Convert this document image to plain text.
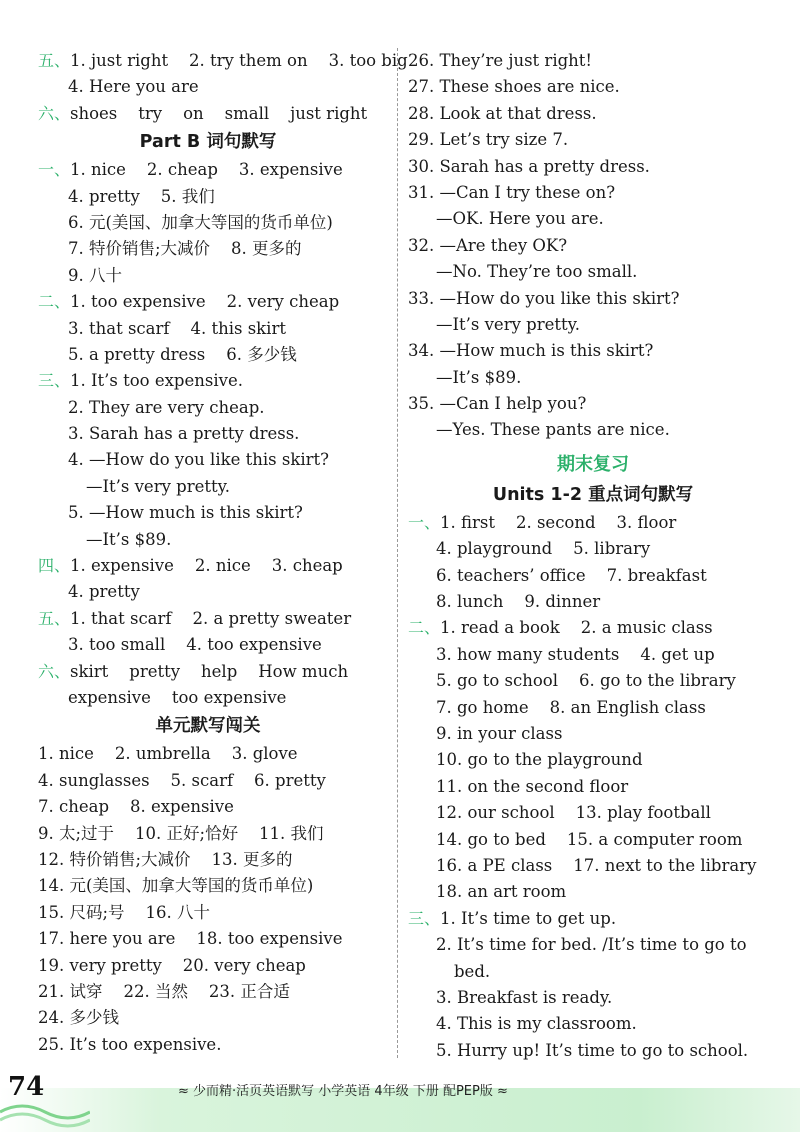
五、1. just right    2. try them on    3. too big
4. Here you are
六、shoes    try    on    small    just right
Part B 词句默写
一、1. nice    2. cheap    3. expensive
4. pretty    5. 我们
6. 元(美国、加拿大等国的货币单位)
7. 特价销售;大减价    8. 更多的
9. 八十
二、1. too expensive    2. very cheap
3. that scarf    4. this skirt
5. a pretty dress    6. 多少钱
三、1. It’s too expensive.
2. They are very cheap.
3. Sarah has a pretty dress.
4. —How do you like this skirt?
—It’s very pretty.
5. —How much is this skirt?
—It’s $89.
四、1. expensive    2. nice    3. cheap
4. pretty
五、1. that scarf    2. a pretty sweater
3. too small    4. too expensive
六、skirt    pretty    help    How much
expensive    too expensive
单元默写闯关
1. nice    2. umbrella    3. glove
4. sunglasses    5. scarf    6. pretty
7. cheap    8. expensive
9. 太;过于    10. 正好;恰好    11. 我们
12. 特价销售;大减价    13. 更多的
14. 元(美国、加拿大等国的货币单位)
15. 尺码;号    16. 八十
17. here you are    18. too expensive
19. very pretty    20. very cheap
21. 试穿    22. 当然    23. 正合适
24. 多少钱
25. It’s too expensive.
26. They’re just right!
27. These shoes are nice.
28. Look at that dress.
29. Let’s try size 7.
30. Sarah has a pretty dress.
31. —Can I try these on?
—OK. Here you are.
32. —Are they OK?
—No. They’re too small.
33. —How do you like this skirt?
—It’s very pretty.
34. —How much is this skirt?
—It’s $89.
35. —Can I help you?
—Yes. These pants are nice.
期末复习
Units 1-2 重点词句默写
一、1. first    2. second    3. floor
4. playground    5. library
6. teachers’ office    7. breakfast
8. lunch    9. dinner
二、1. read a book    2. a music class
3. how many students    4. get up
5. go to school    6. go to the library
7. go home    8. an English class
9. in your class
10. go to the playground
11. on the second floor
12. our school    13. play football
14. go to bed    15. a computer room
16. a PE class    17. next to the library
18. an art room
三、1. It’s time to get up.
2. It’s time for bed. /It’s time to go to
bed.
3. Breakfast is ready.
4. This is my classroom.
5. Hurry up! It’s time to go to school.
74	≈ 少而精·活页英语默写 小学英语 4年级 下册 配PEP版 ≈
